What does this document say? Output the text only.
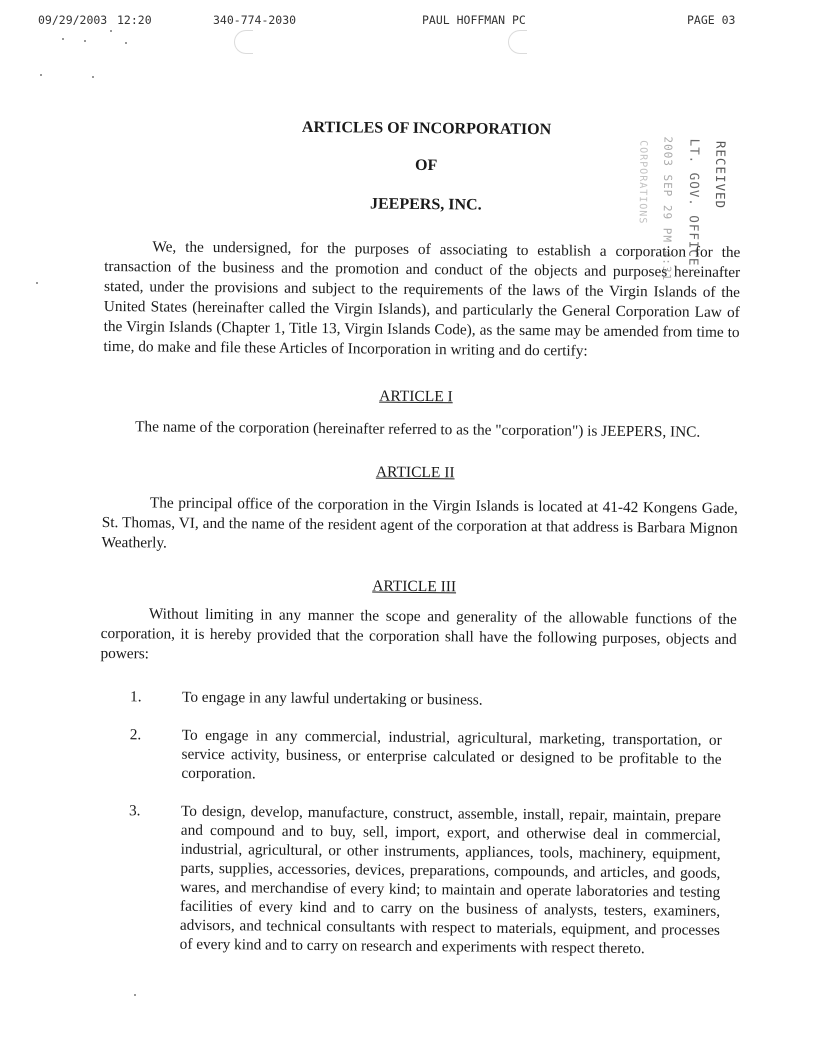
09/29/2003 12:20	340-774-2030	PAUL HOFFMAN PC	PAGE 03
ARTICLES OF INCORPORATION
OF
JEEPERS, INC.	RECEIVED
LT. GOV. OFFICE
2003 SEP 29 PM 4:31
CORPORATIONS
We, the undersigned, for the purposes of associating to establish a corporation for the transaction of the business and the promotion and conduct of the objects and purposes hereinafter stated, under the provisions and subject to the requirements of the laws of the Virgin Islands of the United States (hereinafter called the Virgin Islands), and particularly the General Corporation Law of the Virgin Islands (Chapter 1, Title 13, Virgin Islands Code), as the same may be amended from time to time, do make and file these Articles of Incorporation in writing and do certify:
ARTICLE I
The name of the corporation (hereinafter referred to as the "corporation") is JEEPERS, INC.
ARTICLE II
The principal office of the corporation in the Virgin Islands is located at 41-42 Kongens Gade, St. Thomas, VI, and the name of the resident agent of the corporation at that address is Barbara Mignon Weatherly.
ARTICLE III
Without limiting in any manner the scope and generality of the allowable functions of the corporation, it is hereby provided that the corporation shall have the following purposes, objects and powers:
1.	To engage in any lawful undertaking or business.
2.	To engage in any commercial, industrial, agricultural, marketing, transportation, or service activity, business, or enterprise calculated or designed to be profitable to the corporation.
3.	To design, develop, manufacture, construct, assemble, install, repair, maintain, prepare and compound and to buy, sell, import, export, and otherwise deal in commercial, industrial, agricultural, or other instruments, appliances, tools, machinery, equipment, parts, supplies, accessories, devices, preparations, compounds, and articles, and goods, wares, and merchandise of every kind; to maintain and operate laboratories and testing facilities of every kind and to carry on the business of analysts, testers, examiners, advisors, and technical consultants with respect to materials, equipment, and processes of every kind and to carry on research and experiments with respect thereto.
